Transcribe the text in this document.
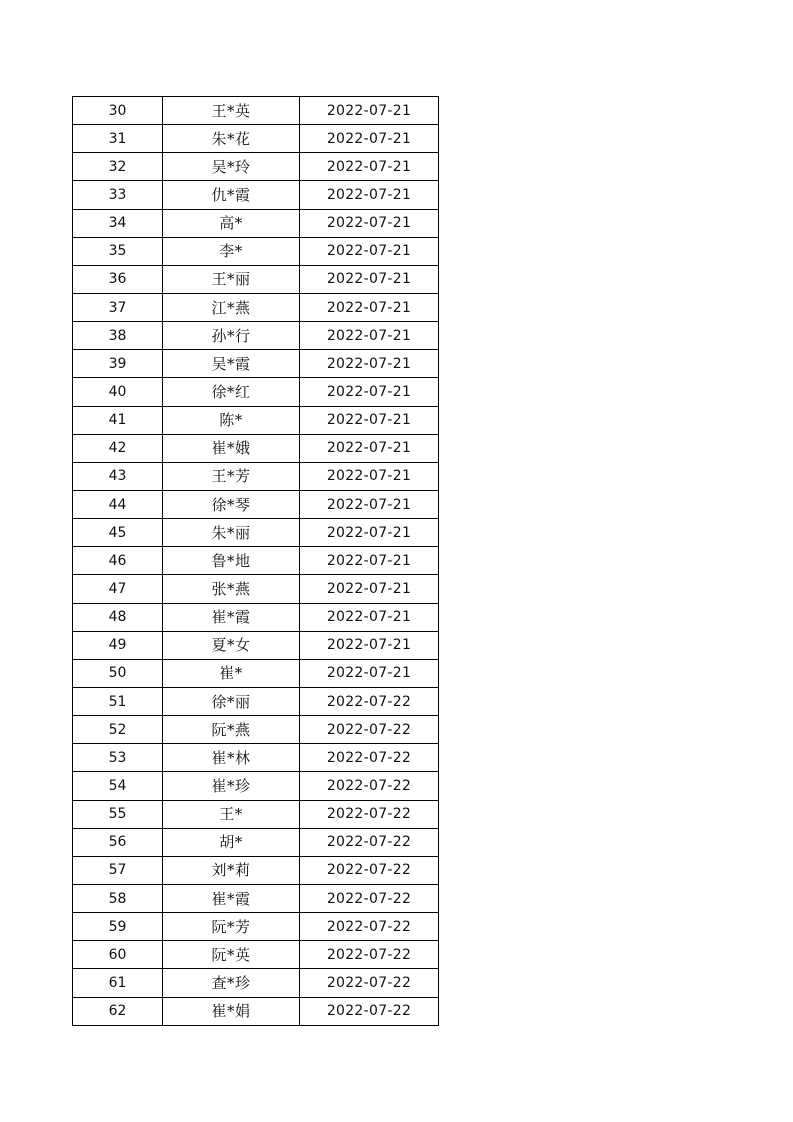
30	王*英	2022-07-21
31	朱*花	2022-07-21
32	吴*玲	2022-07-21
33	仇*霞	2022-07-21
34	高*	2022-07-21
35	李*	2022-07-21
36	王*丽	2022-07-21
37	江*燕	2022-07-21
38	孙*行	2022-07-21
39	吴*霞	2022-07-21
40	徐*红	2022-07-21
41	陈*	2022-07-21
42	崔*娥	2022-07-21
43	王*芳	2022-07-21
44	徐*琴	2022-07-21
45	朱*丽	2022-07-21
46	鲁*地	2022-07-21
47	张*燕	2022-07-21
48	崔*霞	2022-07-21
49	夏*女	2022-07-21
50	崔*	2022-07-21
51	徐*丽	2022-07-22
52	阮*燕	2022-07-22
53	崔*林	2022-07-22
54	崔*珍	2022-07-22
55	王*	2022-07-22
56	胡*	2022-07-22
57	刘*莉	2022-07-22
58	崔*霞	2022-07-22
59	阮*芳	2022-07-22
60	阮*英	2022-07-22
61	查*珍	2022-07-22
62	崔*娟	2022-07-22
